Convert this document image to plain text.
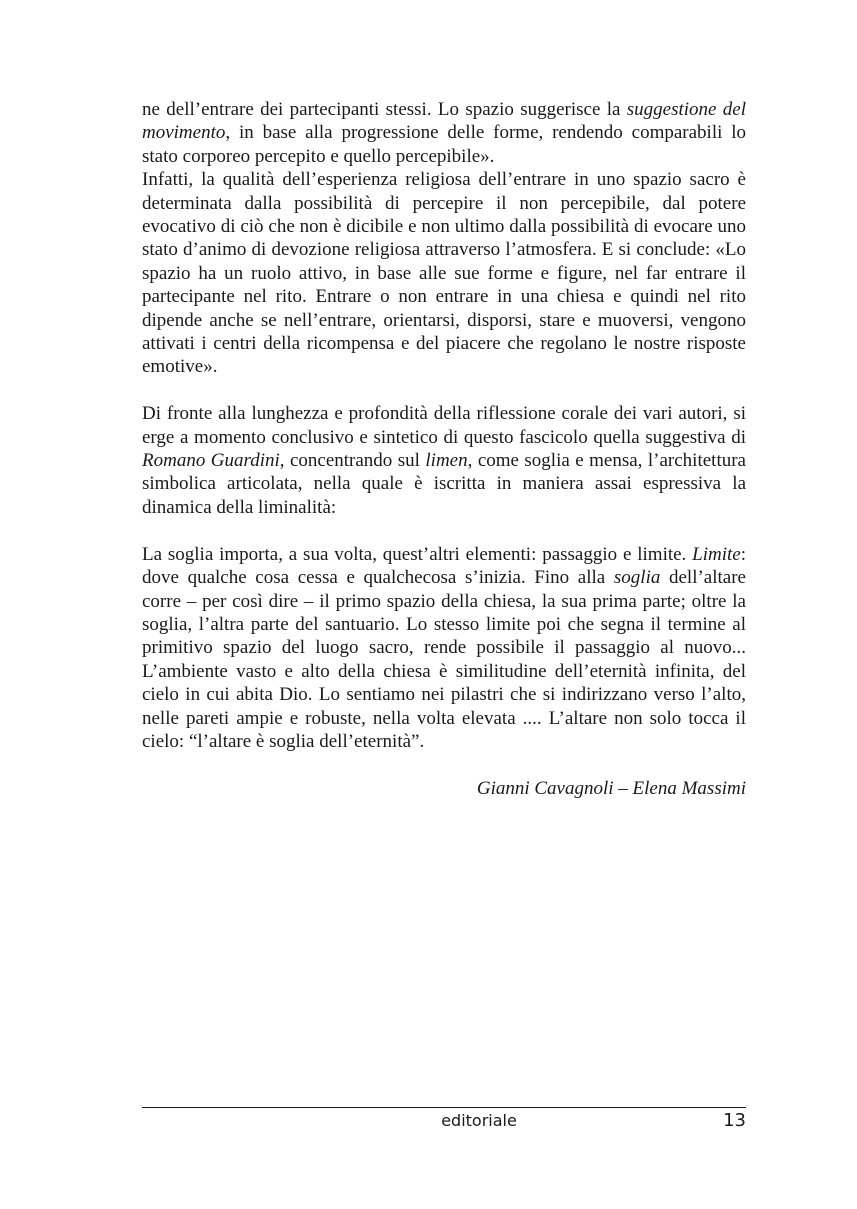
ne dell’entrare dei partecipanti stessi. Lo spazio suggerisce la suggestione del movimento, in base alla progressione delle forme, rendendo comparabili lo stato corporeo percepito e quello percepibile».

Infatti, la qualità dell’esperienza religiosa dell’entrare in uno spazio sacro è determinata dalla possibilità di percepire il non percepibile, dal potere evocativo di ciò che non è dicibile e non ultimo dalla possibilità di evocare uno stato d’animo di devozione religiosa attraverso l’atmosfera. E si conclude: «Lo spazio ha un ruolo attivo, in base alle sue forme e figure, nel far entrare il partecipante nel rito. Entrare o non entrare in una chiesa e quindi nel rito dipende anche se nell’entrare, orientarsi, disporsi, stare e muoversi, vengono attivati i centri della ricompensa e del piacere che regolano le nostre risposte emotive».

Di fronte alla lunghezza e profondità della riflessione corale dei vari autori, si erge a momento conclusivo e sintetico di questo fascicolo quella suggestiva di Romano Guardini, concentrando sul limen, come soglia e mensa, l’architettura simbolica articolata, nella quale è iscritta in maniera assai espressiva la dinamica della liminalità:

La soglia importa, a sua volta, quest’altri elementi: passaggio e limite. Limite: dove qualche cosa cessa e qualchecosa s’inizia. Fino alla soglia dell’altare corre – per così dire – il primo spazio della chiesa, la sua prima parte; oltre la soglia, l’altra parte del santuario. Lo stesso limite poi che segna il termine al primitivo spazio del luogo sacro, rende possibile il passaggio al nuovo... L’ambiente vasto e alto della chiesa è similitudine dell’eternità infinita, del cielo in cui abita Dio. Lo sentiamo nei pilastri che si indirizzano verso l’alto, nelle pareti ampie e robuste, nella volta elevata .... L’altare non solo tocca il cielo: “l’altare è soglia dell’eternità”.

Gianni Cavagnoli – Elena Massimi

editoriale	13
